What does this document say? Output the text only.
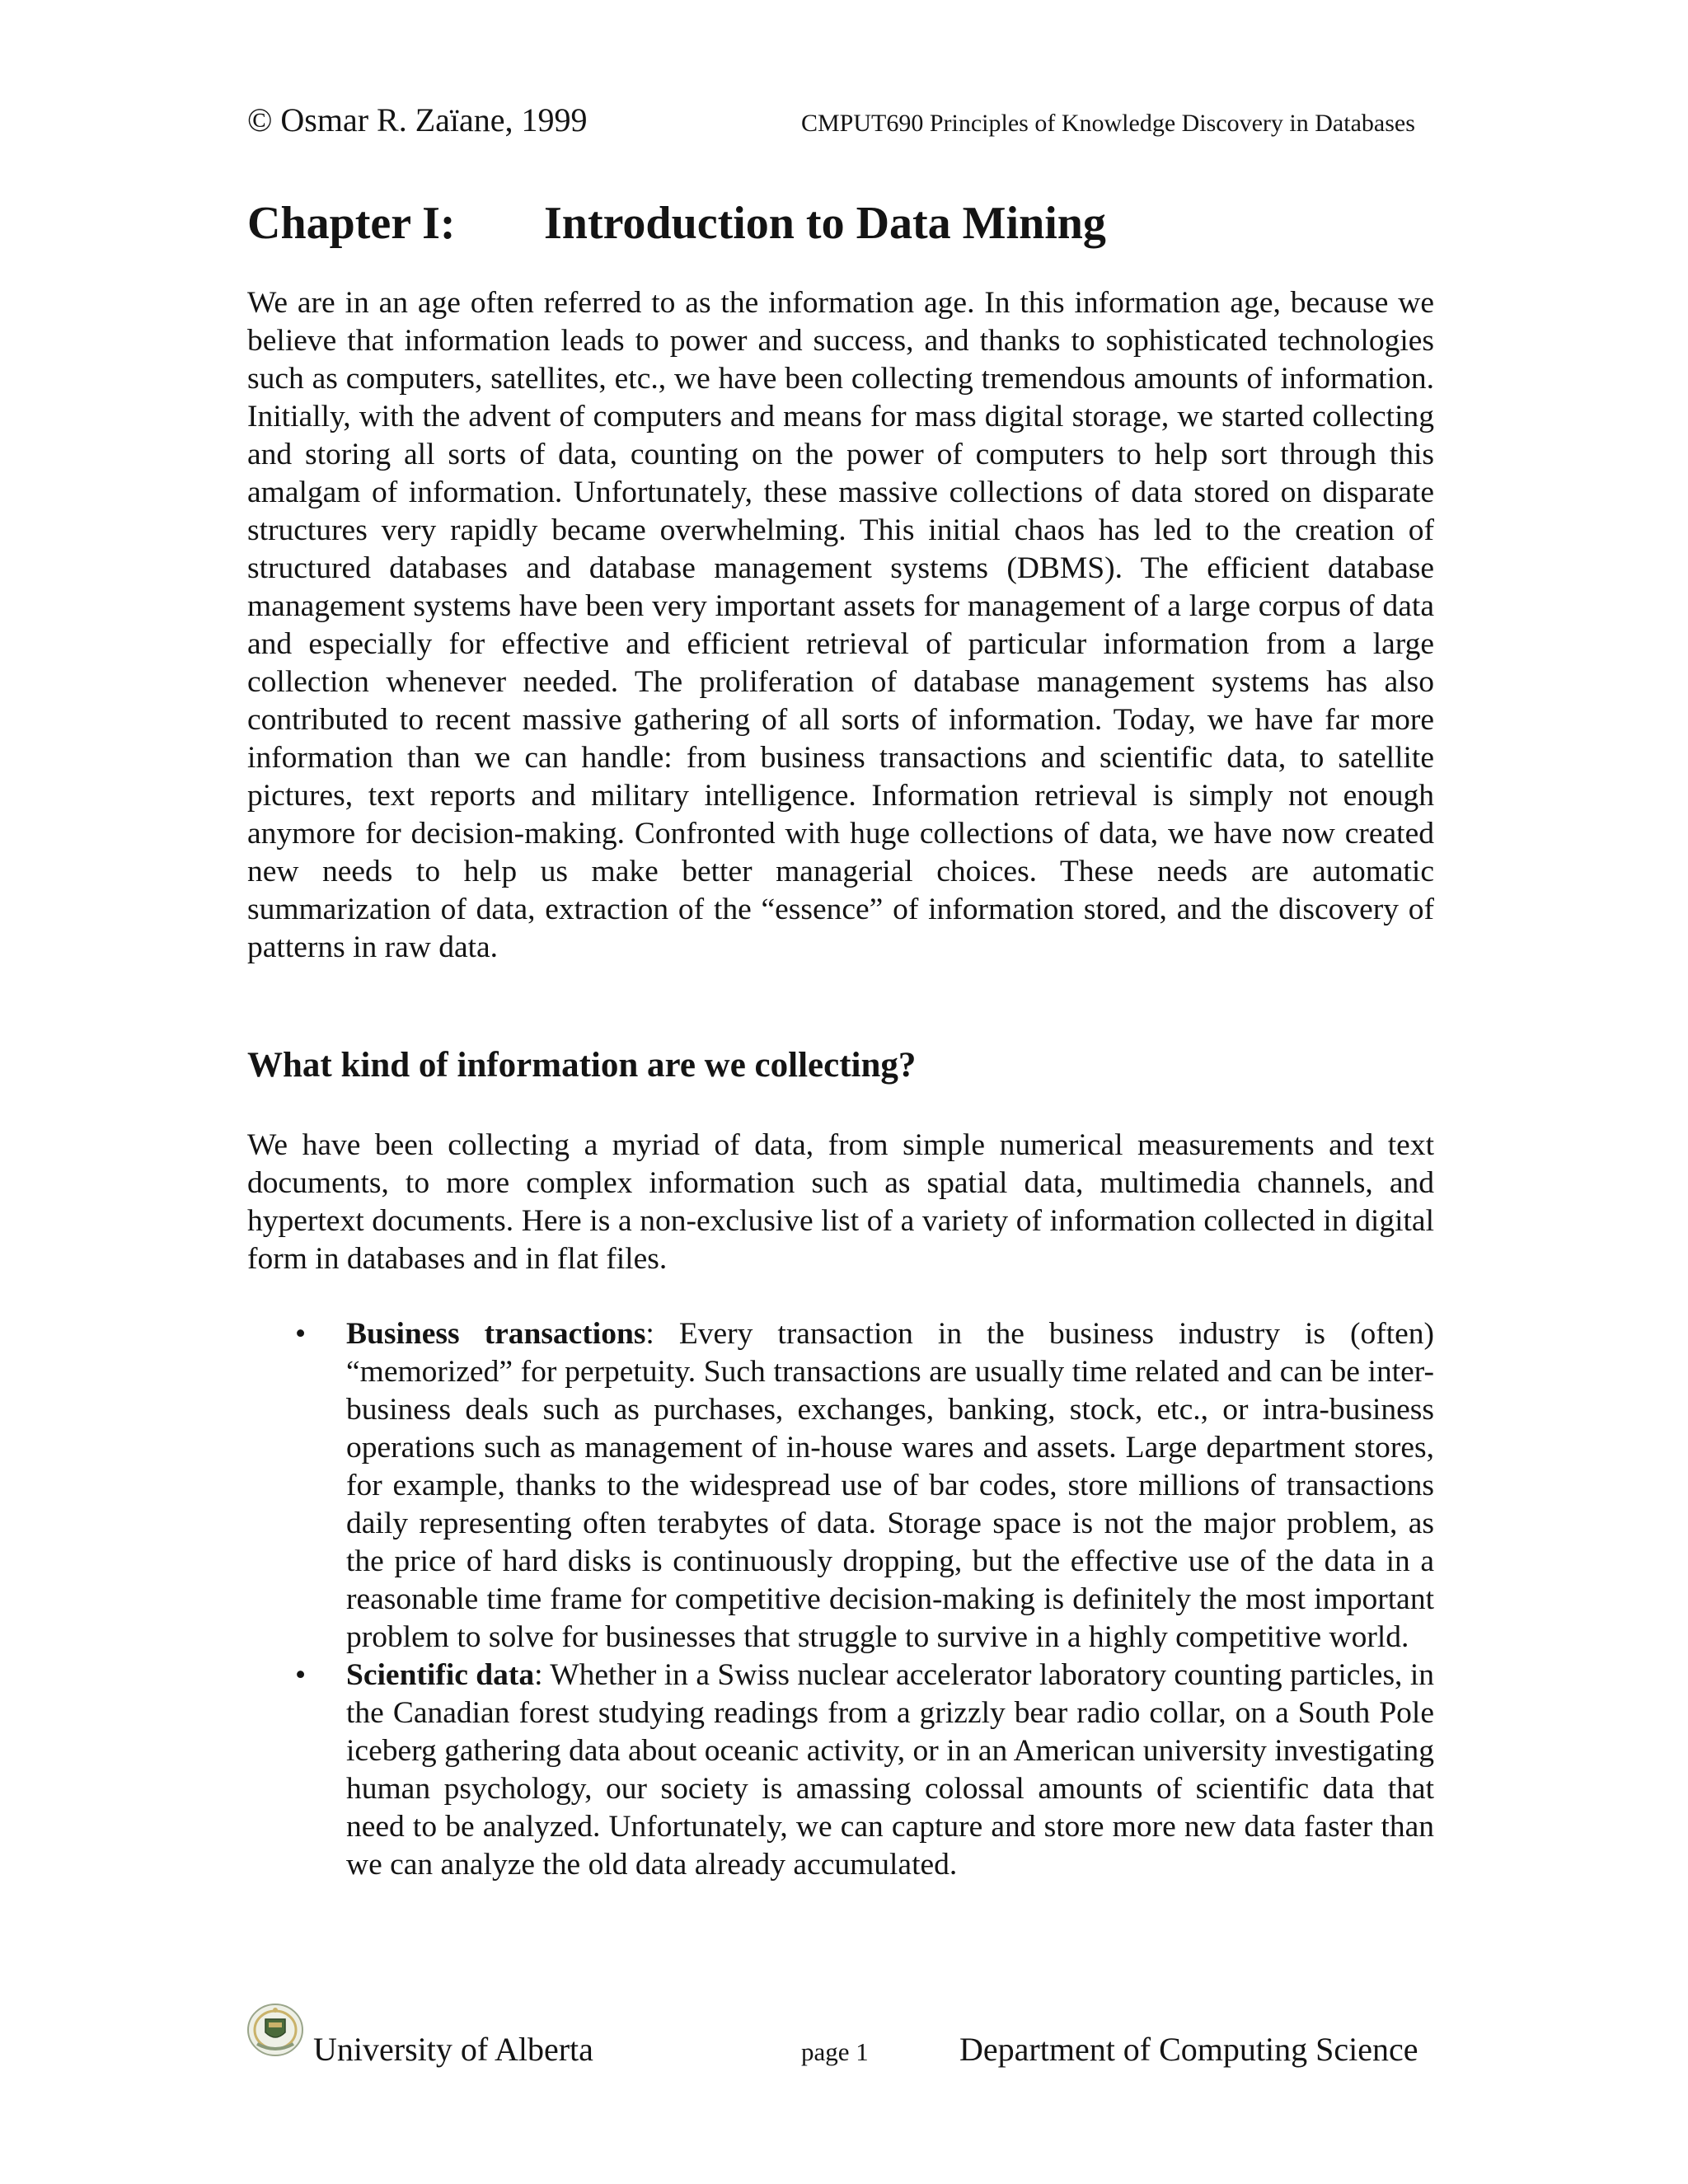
© Osmar R. Zaïane, 1999	CMPUT690 Principles of Knowledge Discovery in Databases
Chapter I: Introduction to Data Mining

We are in an age often referred to as the information age. In this information age, because we believe that information leads to power and success, and thanks to sophisticated technologies such as computers, satellites, etc., we have been collecting tremendous amounts of information. Initially, with the advent of computers and means for mass digital storage, we started collecting and storing all sorts of data, counting on the power of computers to help sort through this amalgam of information. Unfortunately, these massive collections of data stored on disparate structures very rapidly became overwhelming. This initial chaos has led to the creation of structured databases and database management systems (DBMS). The efficient database management systems have been very important assets for management of a large corpus of data and especially for effective and efficient retrieval of particular information from a large collection whenever needed. The proliferation of database management systems has also contributed to recent massive gathering of all sorts of information. Today, we have far more information than we can handle: from business transactions and scientific data, to satellite pictures, text reports and military intelligence. Information retrieval is simply not enough anymore for decision-making. Confronted with huge collections of data, we have now created new needs to help us make better managerial choices. These needs are automatic summarization of data, extraction of the “essence” of information stored, and the discovery of patterns in raw data.

What kind of information are we collecting?

We have been collecting a myriad of data, from simple numerical measurements and text documents, to more complex information such as spatial data, multimedia channels, and hypertext documents. Here is a non-exclusive list of a variety of information collected in digital form in databases and in flat files.

• Business transactions: Every transaction in the business industry is (often) “memorized” for perpetuity. Such transactions are usually time related and can be inter-business deals such as purchases, exchanges, banking, stock, etc., or intra-business operations such as management of in-house wares and assets. Large department stores, for example, thanks to the widespread use of bar codes, store millions of transactions daily representing often terabytes of data. Storage space is not the major problem, as the price of hard disks is continuously dropping, but the effective use of the data in a reasonable time frame for competitive decision-making is definitely the most important problem to solve for businesses that struggle to survive in a highly competitive world.
• Scientific data: Whether in a Swiss nuclear accelerator laboratory counting particles, in the Canadian forest studying readings from a grizzly bear radio collar, on a South Pole iceberg gathering data about oceanic activity, or in an American university investigating human psychology, our society is amassing colossal amounts of scientific data that need to be analyzed. Unfortunately, we can capture and store more new data faster than we can analyze the old data already accumulated.
University of Alberta	page 1	Department of Computing Science
